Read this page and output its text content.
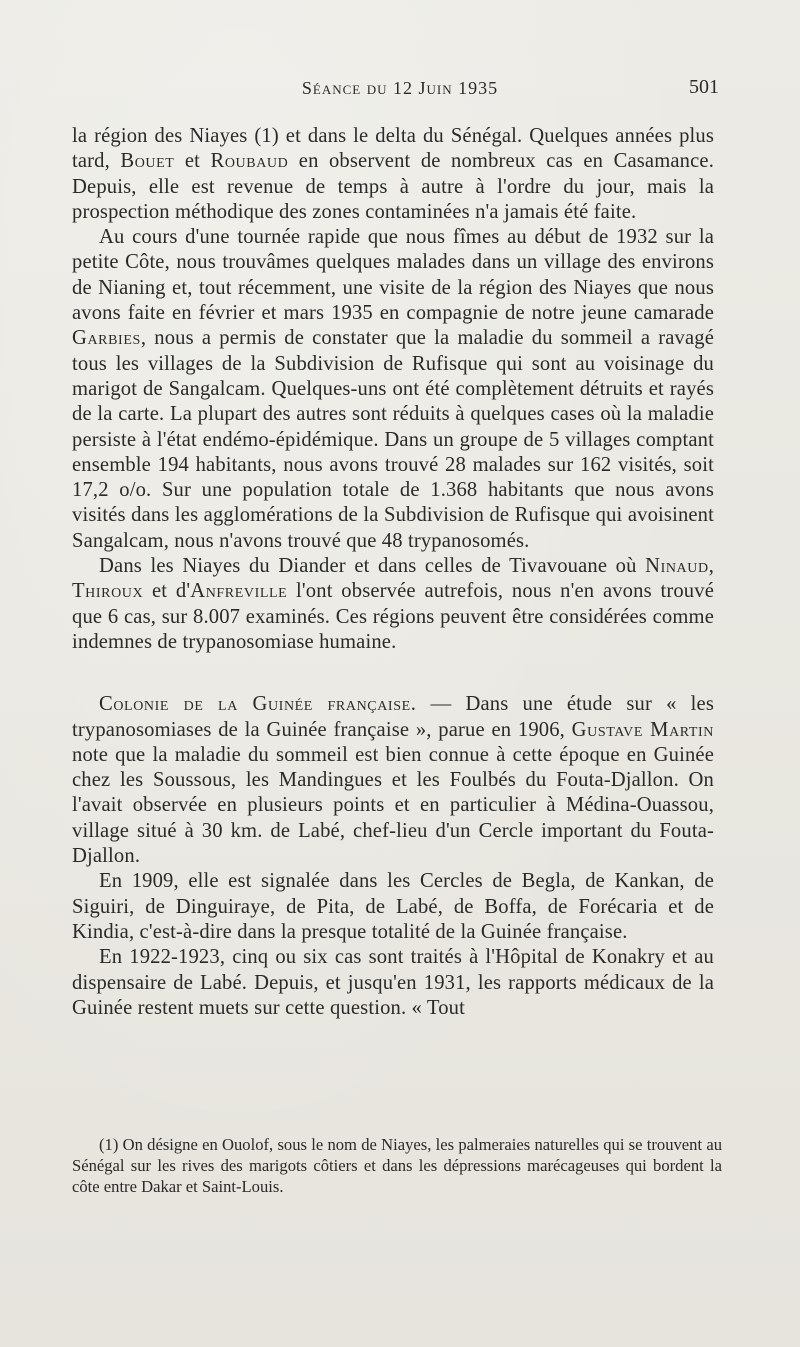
Séance du 12 Juin 1935	501

la région des Niayes (1) et dans le delta du Sénégal. Quelques années plus tard, Bouet et Roubaud en observent de nombreux cas en Casamance. Depuis, elle est revenue de temps à autre à l'ordre du jour, mais la prospection méthodique des zones contaminées n'a jamais été faite.

Au cours d'une tournée rapide que nous fîmes au début de 1932 sur la petite Côte, nous trouvâmes quelques malades dans un village des environs de Nianing et, tout récemment, une visite de la région des Niayes que nous avons faite en février et mars 1935 en compagnie de notre jeune camarade Garbies, nous a permis de constater que la maladie du sommeil a ravagé tous les villages de la Subdivision de Rufisque qui sont au voisinage du marigot de Sangalcam. Quelques-uns ont été complètement détruits et rayés de la carte. La plupart des autres sont réduits à quelques cases où la maladie persiste à l'état endémo-épidémique. Dans un groupe de 5 villages comptant ensemble 194 habitants, nous avons trouvé 28 malades sur 162 visités, soit 17,2 o/o. Sur une population totale de 1.368 habitants que nous avons visités dans les agglomérations de la Subdivision de Rufisque qui avoisinent Sangalcam, nous n'avons trouvé que 48 trypanosomés.

Dans les Niayes du Diander et dans celles de Tivavouane où Ninaud, Thiroux et d'Anfreville l'ont observée autrefois, nous n'en avons trouvé que 6 cas, sur 8.007 examinés. Ces régions peuvent être considérées comme indemnes de trypanosomiase humaine.

Colonie de la Guinée française. — Dans une étude sur « les trypanosomiases de la Guinée française », parue en 1906, Gustave Martin note que la maladie du sommeil est bien connue à cette époque en Guinée chez les Soussous, les Mandingues et les Foulbés du Fouta-Djallon. On l'avait observée en plusieurs points et en particulier à Médina-Ouassou, village situé à 30 km. de Labé, chef-lieu d'un Cercle important du Fouta-Djallon.

En 1909, elle est signalée dans les Cercles de Begla, de Kankan, de Siguiri, de Dinguiraye, de Pita, de Labé, de Boffa, de Forécaria et de Kindia, c'est-à-dire dans la presque totalité de la Guinée française.

En 1922-1923, cinq ou six cas sont traités à l'Hôpital de Konakry et au dispensaire de Labé. Depuis, et jusqu'en 1931, les rapports médicaux de la Guinée restent muets sur cette question. « Tout

(1) On désigne en Ouolof, sous le nom de Niayes, les palmeraies naturelles qui se trouvent au Sénégal sur les rives des marigots côtiers et dans les dépressions marécageuses qui bordent la côte entre Dakar et Saint-Louis.
